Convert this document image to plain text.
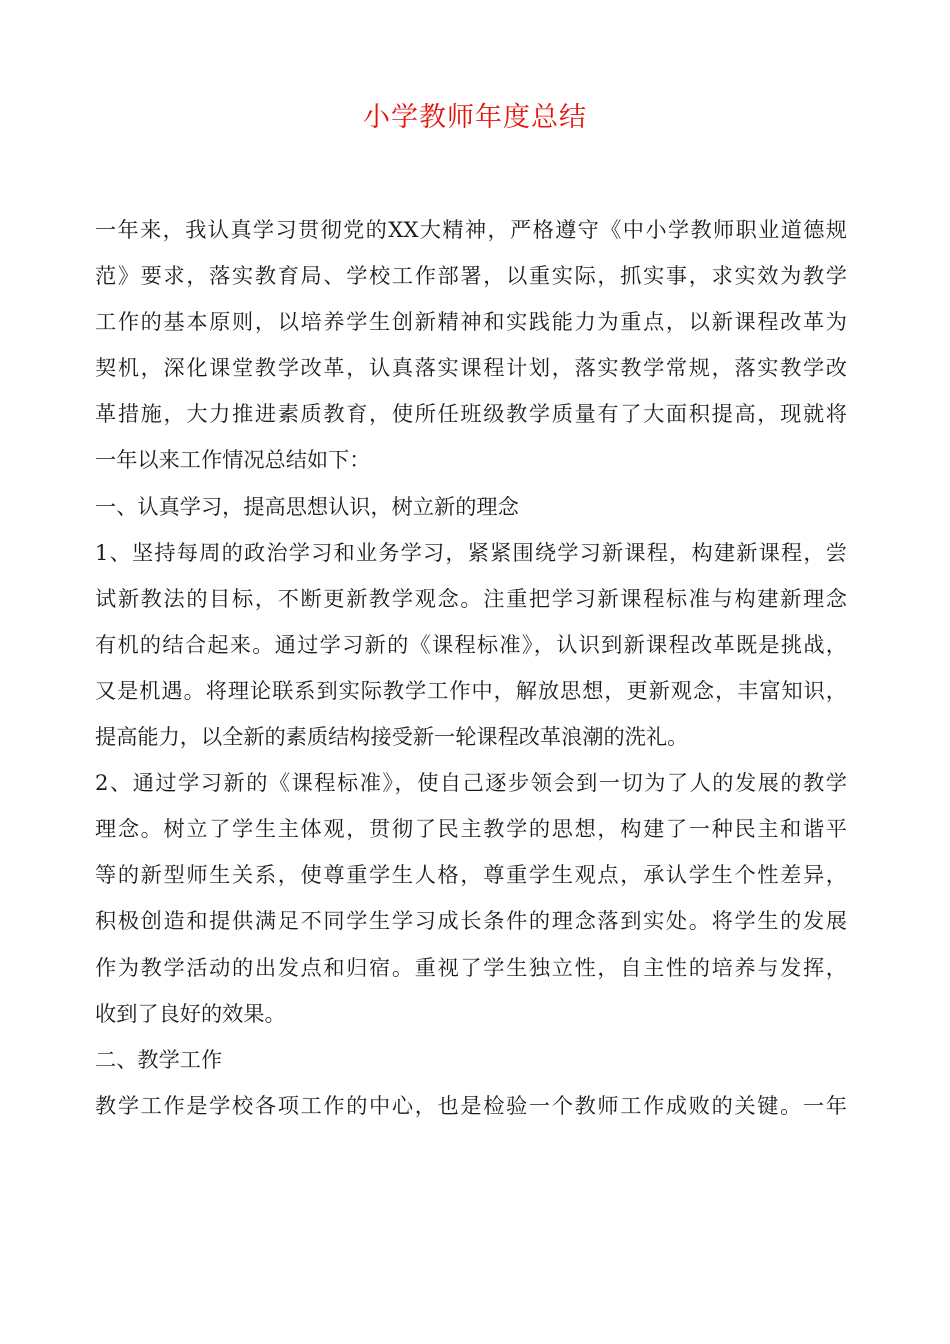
小学教师年度总结
一年来，我认真学习贯彻党的XX大精神，严格遵守《中小学教师职业道德规
范》要求，落实教育局、学校工作部署，以重实际，抓实事，求实效为教学
工作的基本原则，以培养学生创新精神和实践能力为重点，以新课程改革为
契机，深化课堂教学改革，认真落实课程计划，落实教学常规，落实教学改
革措施，大力推进素质教育，使所任班级教学质量有了大面积提高，现就将
一年以来工作情况总结如下：
一、认真学习，提高思想认识，树立新的理念
1、坚持每周的政治学习和业务学习，紧紧围绕学习新课程，构建新课程，尝
试新教法的目标，不断更新教学观念。注重把学习新课程标准与构建新理念
有机的结合起来。通过学习新的《课程标准》，认识到新课程改革既是挑战，
又是机遇。将理论联系到实际教学工作中，解放思想，更新观念，丰富知识，
提高能力，以全新的素质结构接受新一轮课程改革浪潮的洗礼。
2、通过学习新的《课程标准》，使自己逐步领会到一切为了人的发展的教学
理念。树立了学生主体观，贯彻了民主教学的思想，构建了一种民主和谐平
等的新型师生关系，使尊重学生人格，尊重学生观点，承认学生个性差异，
积极创造和提供满足不同学生学习成长条件的理念落到实处。将学生的发展
作为教学活动的出发点和归宿。重视了学生独立性，自主性的培养与发挥，
收到了良好的效果。
二、教学工作
教学工作是学校各项工作的中心，也是检验一个教师工作成败的关键。一年
